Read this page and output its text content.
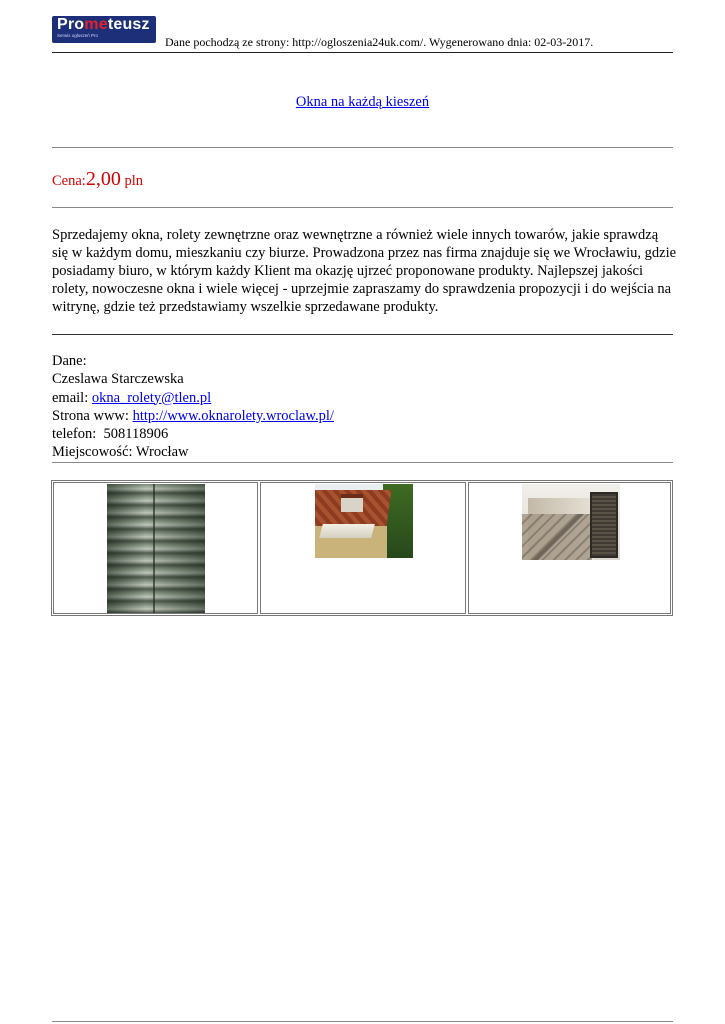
Prometeusz
Serwis ogłoszeń Pro	Dane pochodzą ze strony: http://ogloszenia24uk.com/. Wygenerowano dnia: 02-03-2017.
Okna na każdą kieszeń
Cena:2,00 pln
Sprzedajemy okna, rolety zewnętrzne oraz wewnętrzne a również wiele innych towarów, jakie sprawdzą się w każdym domu, mieszkaniu czy biurze. Prowadzona przez nas firma znajduje się we Wrocławiu, gdzie posiadamy biuro, w którym każdy Klient ma okazję ujrzeć proponowane produkty. Najlepszej jakości rolety, nowoczesne okna i wiele więcej - uprzejmie zapraszamy do sprawdzenia propozycji i do wejścia na witrynę, gdzie też przedstawiamy wszelkie sprzedawane produkty.
Dane:
Czeslawa Starczewska
email: okna_rolety@tlen.pl
Strona www: http://www.oknarolety.wroclaw.pl/
telefon: 508118906
Miejscowość: Wrocław
